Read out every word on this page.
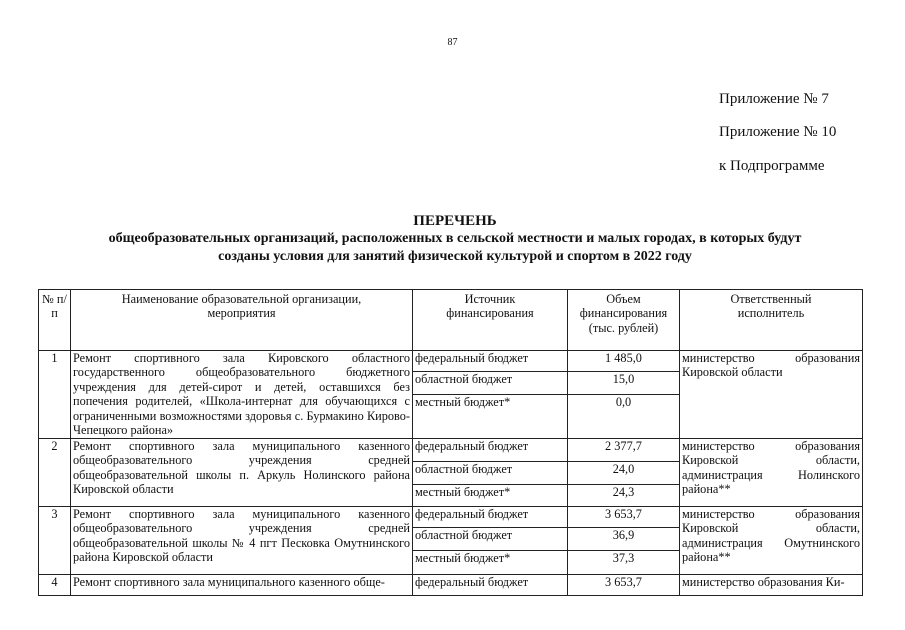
87
Приложение № 7
Приложение № 10
к Подпрограмме
ПЕРЕЧЕНЬ
общеобразовательных организаций, расположенных в сельской местности и малых городах, в которых будут
созданы условия для занятий физической культурой и спортом в 2022 году
№ п/п	Наименование образовательной организации, мероприятия	Источник финансирования	Объем финансирования (тыс. рублей)	Ответственный исполнитель
1	Ремонт спортивного зала Кировского областного государственного общеобразовательного бюджетного учреждения для детей-сирот и детей, оставшихся без попечения родителей, «Школа-интернат для обучающихся с ограниченными возможностями здоровья с. Бурмакино Кирово-Чепецкого района»	федеральный бюджет	1 485,0	министерство образования Кировской области
		областной бюджет	15,0	
		местный бюджет*	0,0	
2	Ремонт спортивного зала муниципального казенного общеобразовательного учреждения средней общеобразовательной школы п. Аркуль Нолинского района Кировской области	федеральный бюджет	2 377,7	министерство образования Кировской области, администрация Нолинского района**
		областной бюджет	24,0	
		местный бюджет*	24,3	
3	Ремонт спортивного зала муниципального казенного общеобразовательного учреждения средней общеобразовательной школы № 4 пгт Песковка Омутнинского района Кировской области	федеральный бюджет	3 653,7	министерство образования Кировской области, администрация Омутнинского района**
		областной бюджет	36,9	
		местный бюджет*	37,3	
4	Ремонт спортивного зала муниципального казенного обще-	федеральный бюджет	3 653,7	министерство образования Ки-
